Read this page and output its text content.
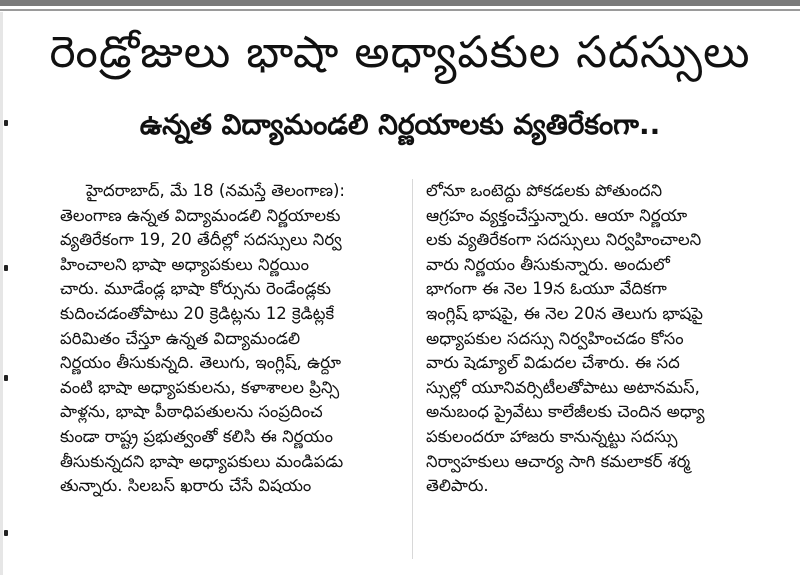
రెండ్రోజులు భాషా అధ్యాపకుల సదస్సులు
ఉన్నత విద్యామండలి నిర్ణయాలకు వ్యతిరేకంగా..
హైదరాబాద్, మే 18 (నమస్తే తెలంగాణ):
తెలంగాణ ఉన్నత విద్యామండలి నిర్ణయాలకు
వ్యతిరేకంగా 19, 20 తేదీల్లో సదస్సులు నిర్వ
హించాలని భాషా అధ్యాపకులు నిర్ణయిం
చారు. మూడేండ్ల భాషా కోర్సును రెండేండ్లకు
కుదించడంతోపాటు 20 క్రెడిట్లను 12 క్రెడిట్లకే
పరిమితం చేస్తూ ఉన్నత విద్యామండలి
నిర్ణయం తీసుకున్నది. తెలుగు, ఇంగ్లిష్, ఉర్దూ
వంటి భాషా అధ్యాపకులను, కళాశాలల ప్రిన్సి
పాళ్లను, భాషా పీఠాధిపతులను సంప్రదించ
కుండా రాష్ట్ర ప్రభుత్వంతో కలిసి ఈ నిర్ణయం
తీసుకున్నదని భాషా అధ్యాపకులు మండిపడు
తున్నారు. సిలబస్ ఖరారు చేసే విషయం
లోనూ ఒంటెద్దు పోకడలకు పోతుందని
ఆగ్రహం వ్యక్తంచేస్తున్నారు. ఆయా నిర్ణయా
లకు వ్యతిరేకంగా సదస్సులు నిర్వహించాలని
వారు నిర్ణయం తీసుకున్నారు. అందులో
భాగంగా ఈ నెల 19న ఓయూ వేదికగా
ఇంగ్లిష్ భాషపై, ఈ నెల 20న తెలుగు భాషపై
అధ్యాపకుల సదస్సు నిర్వహించడం కోసం
వారు షెడ్యూల్ విడుదల చేశారు. ఈ సద
స్సుల్లో యూనివర్సిటీలతోపాటు అటానమస్,
అనుబంధ ప్రైవేటు కాలేజీలకు చెందిన అధ్యా
పకులందరూ హాజరు కానున్నట్టు సదస్సు
నిర్వాహకులు ఆచార్య సాగి కమలాకర్ శర్మ
తెలిపారు.
